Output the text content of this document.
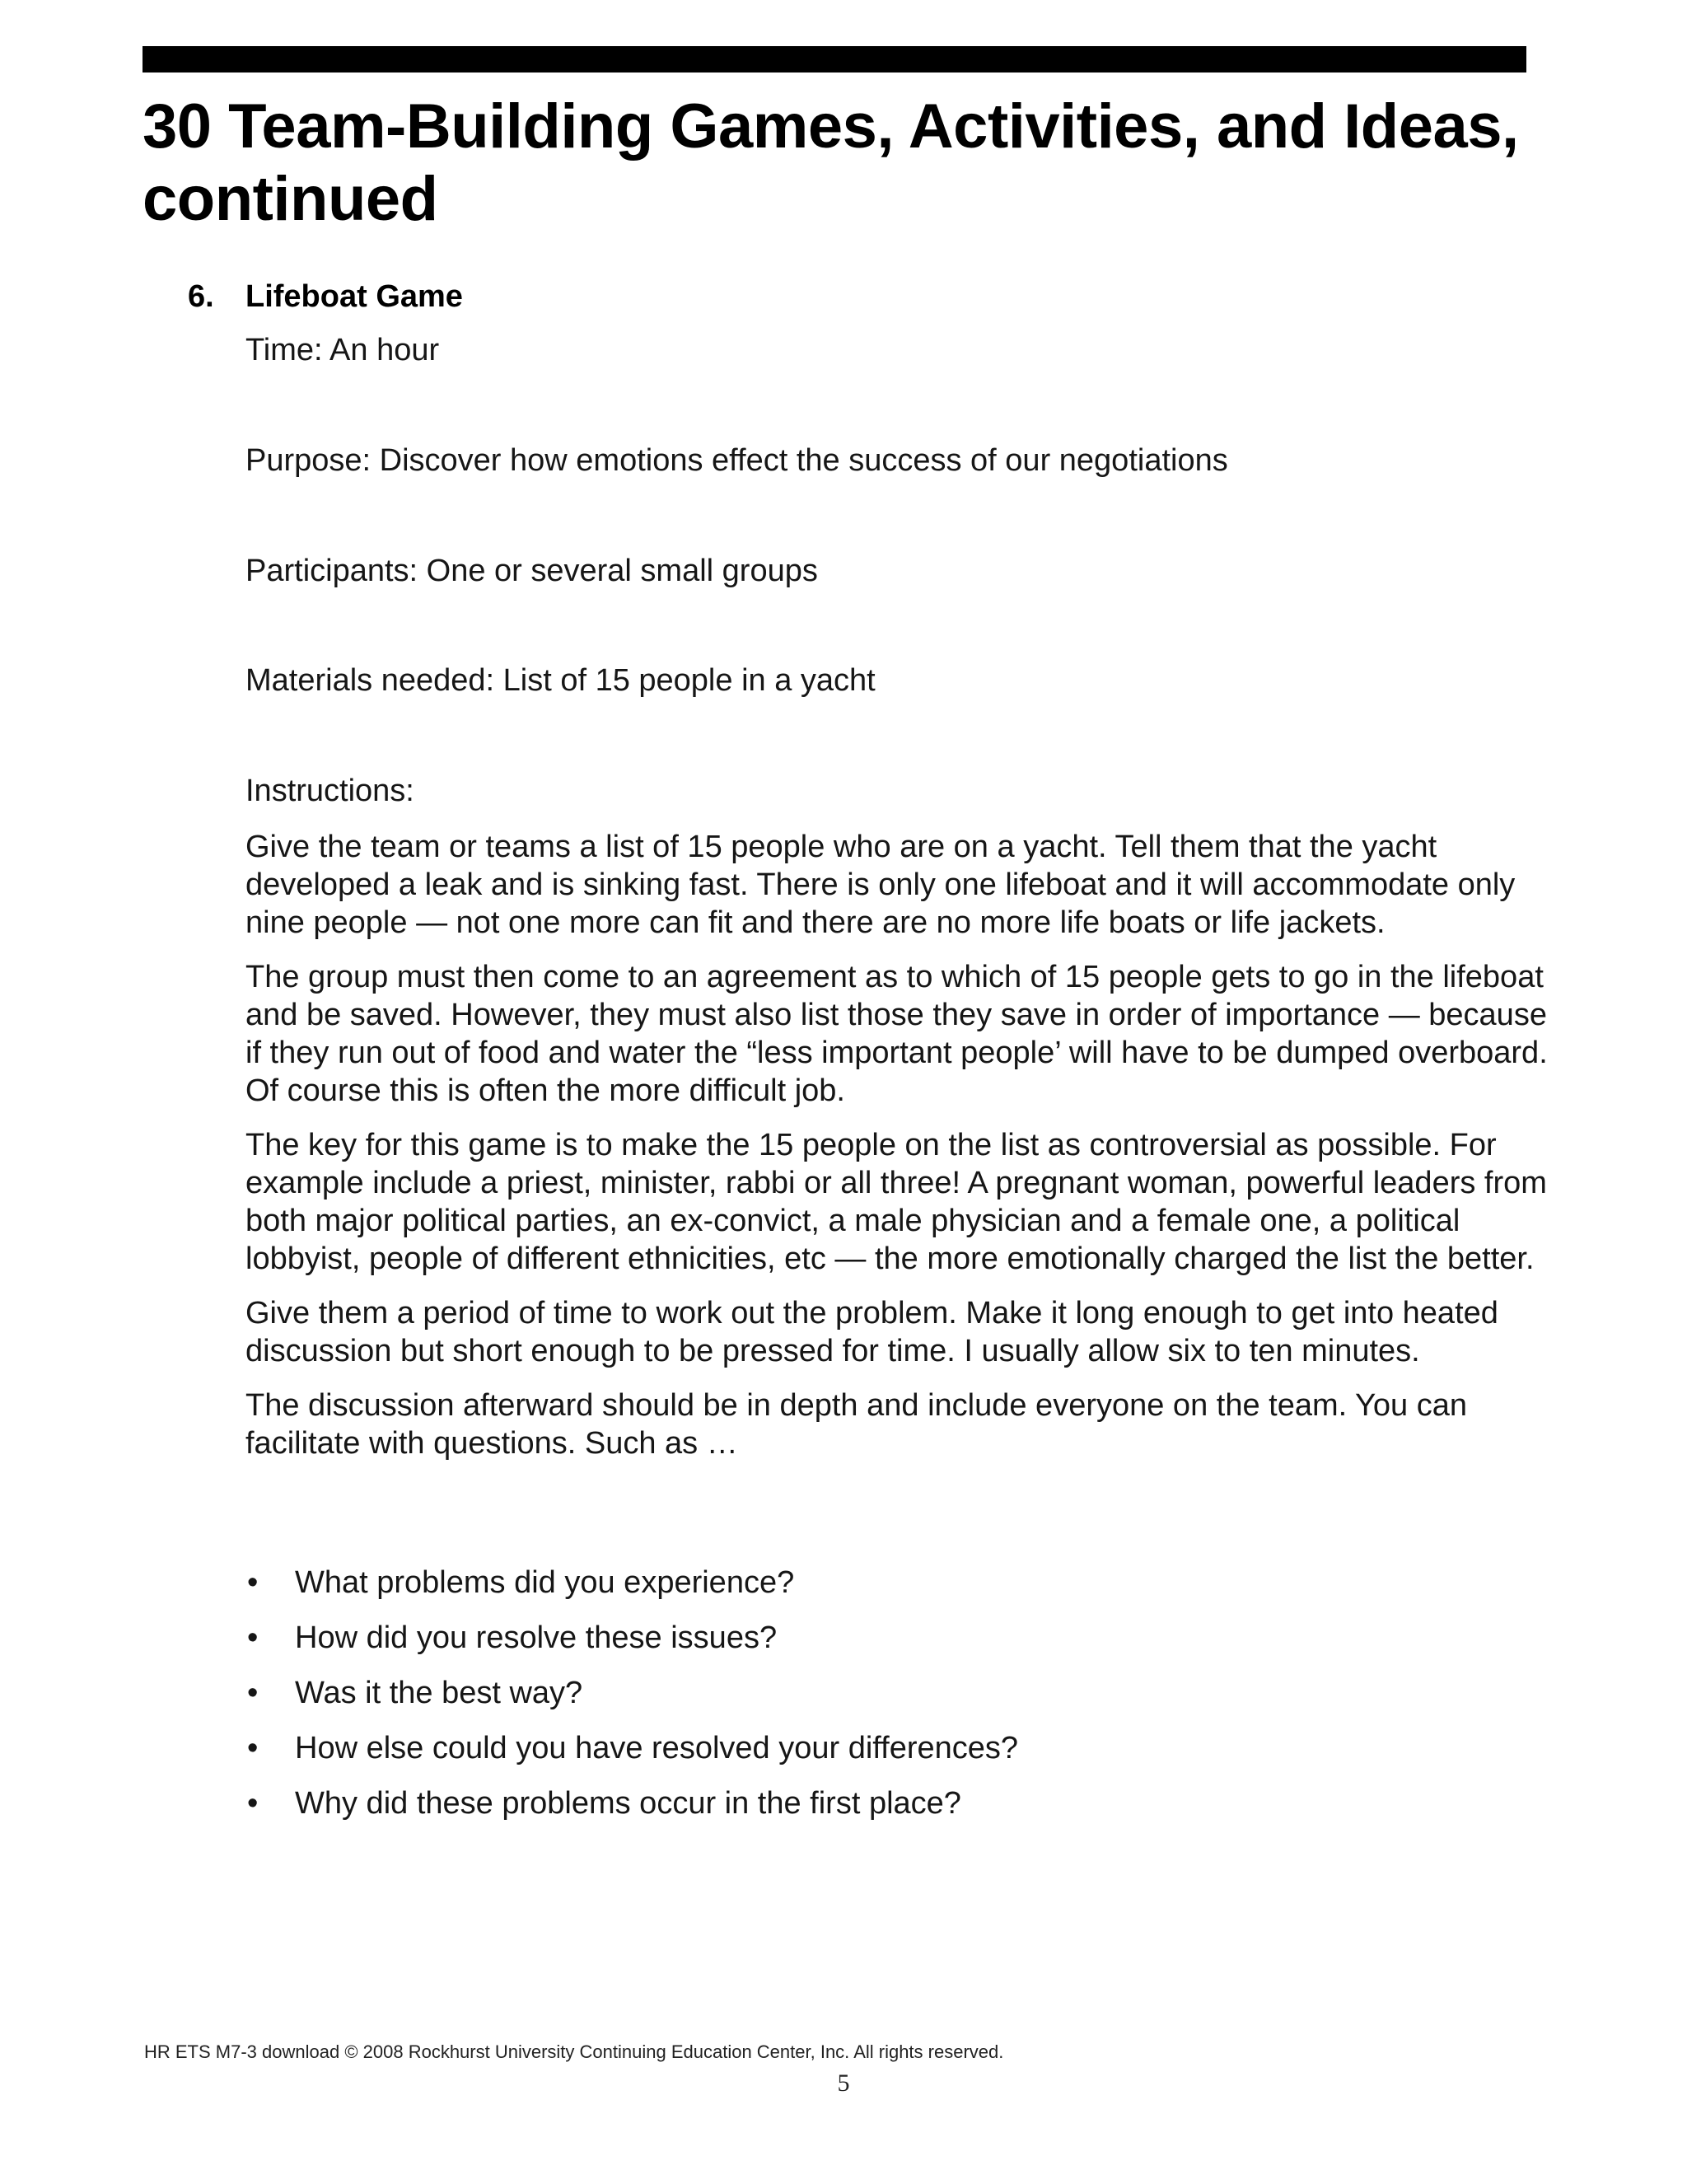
30 Team-Building Games, Activities, and Ideas,
continued
6. Lifeboat Game
Time: An hour
Purpose: Discover how emotions effect the success of our negotiations
Participants: One or several small groups
Materials needed: List of 15 people in a yacht
Instructions:

Give the team or teams a list of 15 people who are on a yacht. Tell them that the yacht developed a leak and is sinking fast. There is only one lifeboat and it will accommodate only nine people — not one more can fit and there are no more life boats or life jackets.

The group must then come to an agreement as to which of 15 people gets to go in the lifeboat and be saved. However, they must also list those they save in order of importance — because if they run out of food and water the “less important people’ will have to be dumped overboard. Of course this is often the more difficult job.

The key for this game is to make the 15 people on the list as controversial as possible. For example include a priest, minister, rabbi or all three! A pregnant woman, powerful leaders from both major political parties, an ex-convict, a male physician and a female one, a political lobbyist, people of different ethnicities, etc — the more emotionally charged the list the better.

Give them a period of time to work out the problem. Make it long enough to get into heated discussion but short enough to be pressed for time. I usually allow six to ten minutes.

The discussion afterward should be in depth and include everyone on the team. You can facilitate with questions. Such as …

• What problems did you experience?
• How did you resolve these issues?
• Was it the best way?
• How else could you have resolved your differences?
• Why did these problems occur in the first place?
HR ETS M7-3 download © 2008 Rockhurst University Continuing Education Center, Inc. All rights reserved.
5
